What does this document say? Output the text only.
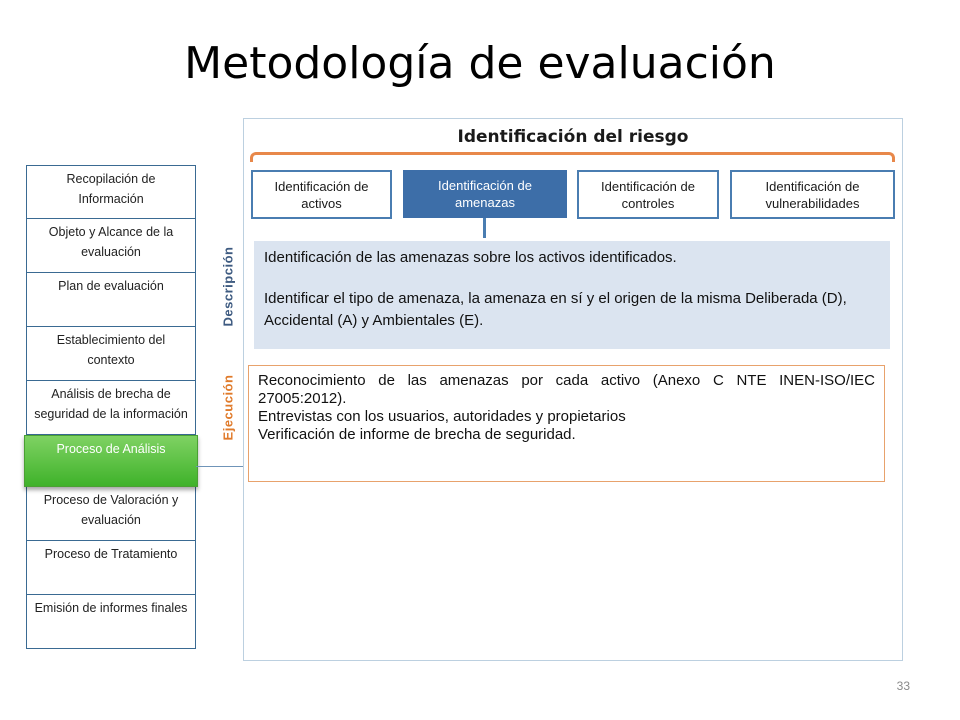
Metodología de evaluación
Recopilación de Información
Objeto y Alcance de la evaluación
Plan de evaluación
Establecimiento del contexto
Análisis de brecha de seguridad de la información
Proceso de Análisis
Proceso de Valoración y evaluación
Proceso de Tratamiento
Emisión de informes finales
Identificación del riesgo
Identificación de activos
Identificación de amenazas
Identificación de controles
Identificación de vulnerabilidades
Descripción
Ejecución

Identificación de las amenazas sobre los activos identificados.

Identificar el tipo de amenaza, la amenaza en sí y el origen de la misma Deliberada (D), Accidental (A) y Ambientales (E).

Reconocimiento de las amenazas por cada activo (Anexo C NTE INEN-ISO/IEC 27005:2012).

Entrevistas con los usuarios, autoridades y propietarios

Verificación de informe de brecha de seguridad.

33
